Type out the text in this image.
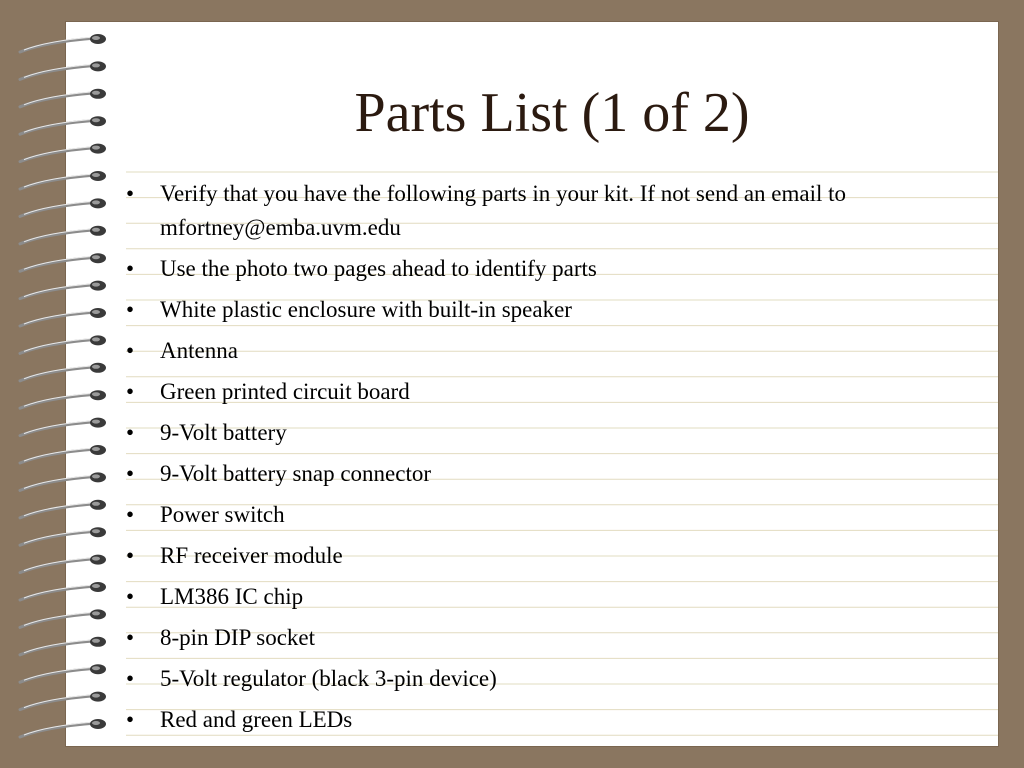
Parts List (1 of 2)
• Verify that you have the following parts in your kit. If not send an email to mfortney@emba.uvm.edu
• Use the photo two pages ahead to identify parts
• White plastic enclosure with built-in speaker
• Antenna
• Green printed circuit board
• 9-Volt battery
• 9-Volt battery snap connector
• Power switch
• RF receiver module
• LM386 IC chip
• 8-pin DIP socket
• 5-Volt regulator (black 3-pin device)
• Red and green LEDs
